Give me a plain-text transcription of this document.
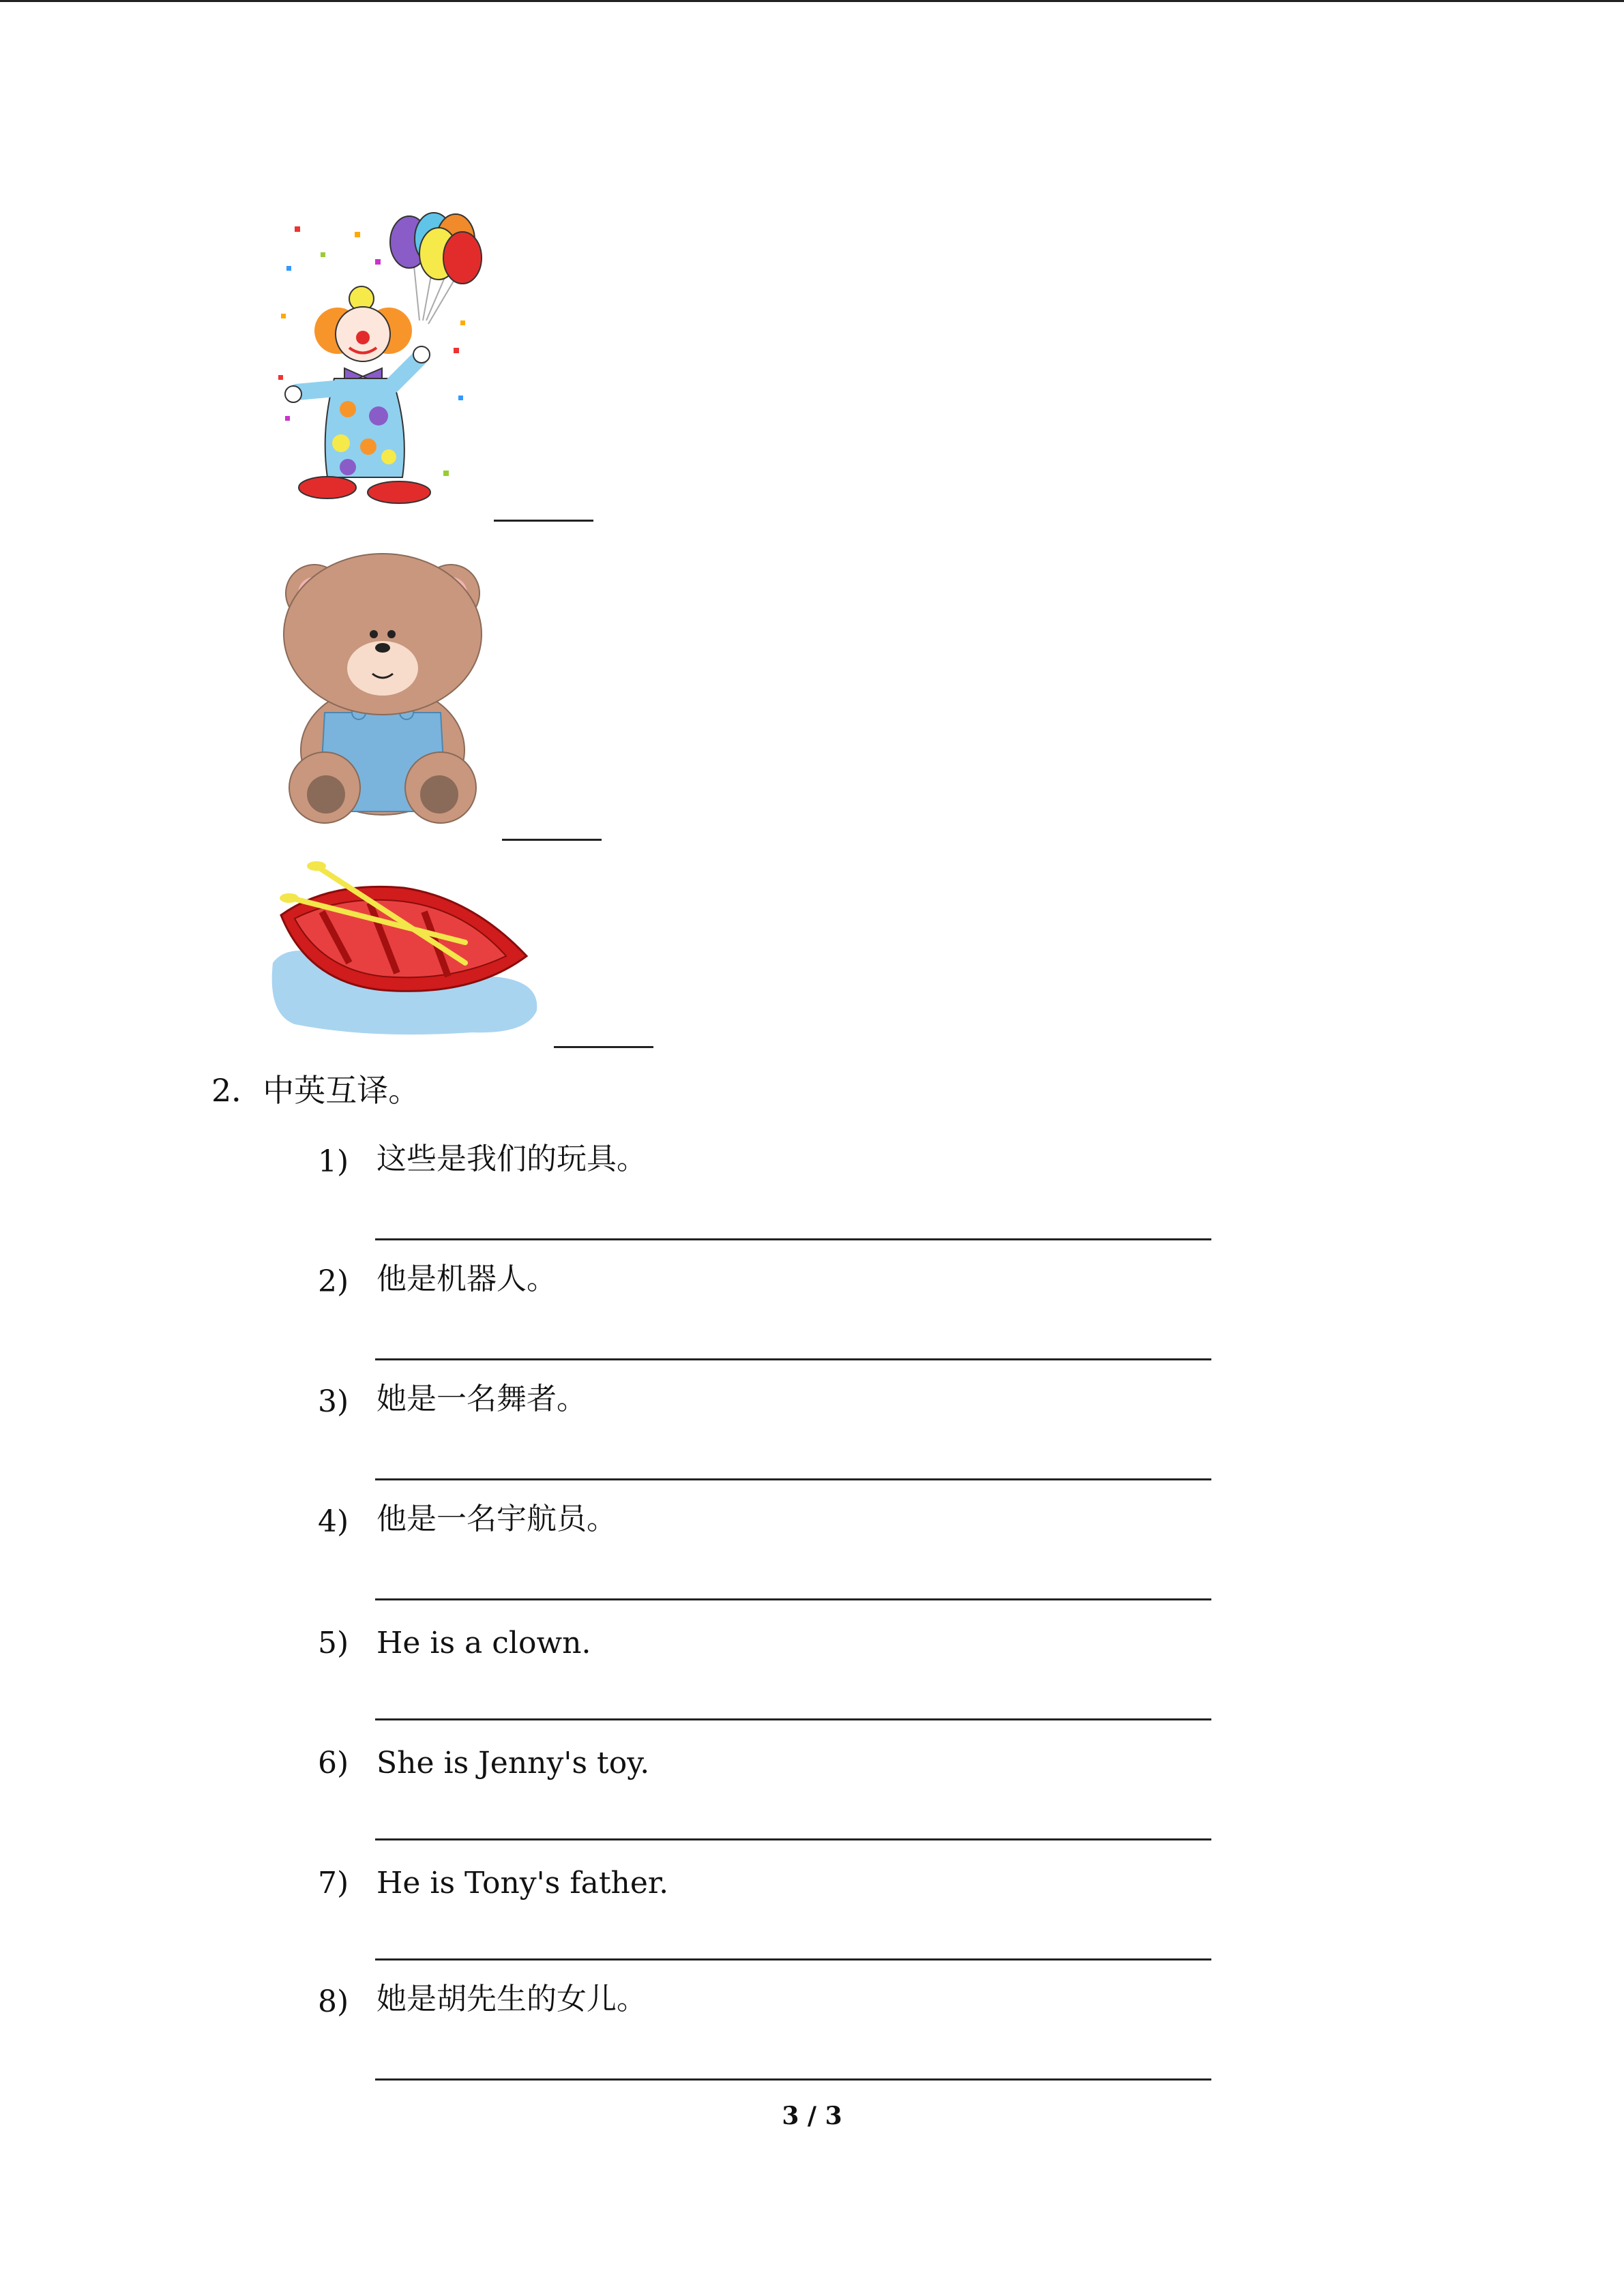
2．中英互译。
1) 这些是我们的玩具。
2) 他是机器人。
3) 她是一名舞者。
4) 他是一名宇航员。
5) He is a clown.
6) She is Jenny's toy.
7) He is Tony's father.
8) 她是胡先生的女儿。
3 / 3
